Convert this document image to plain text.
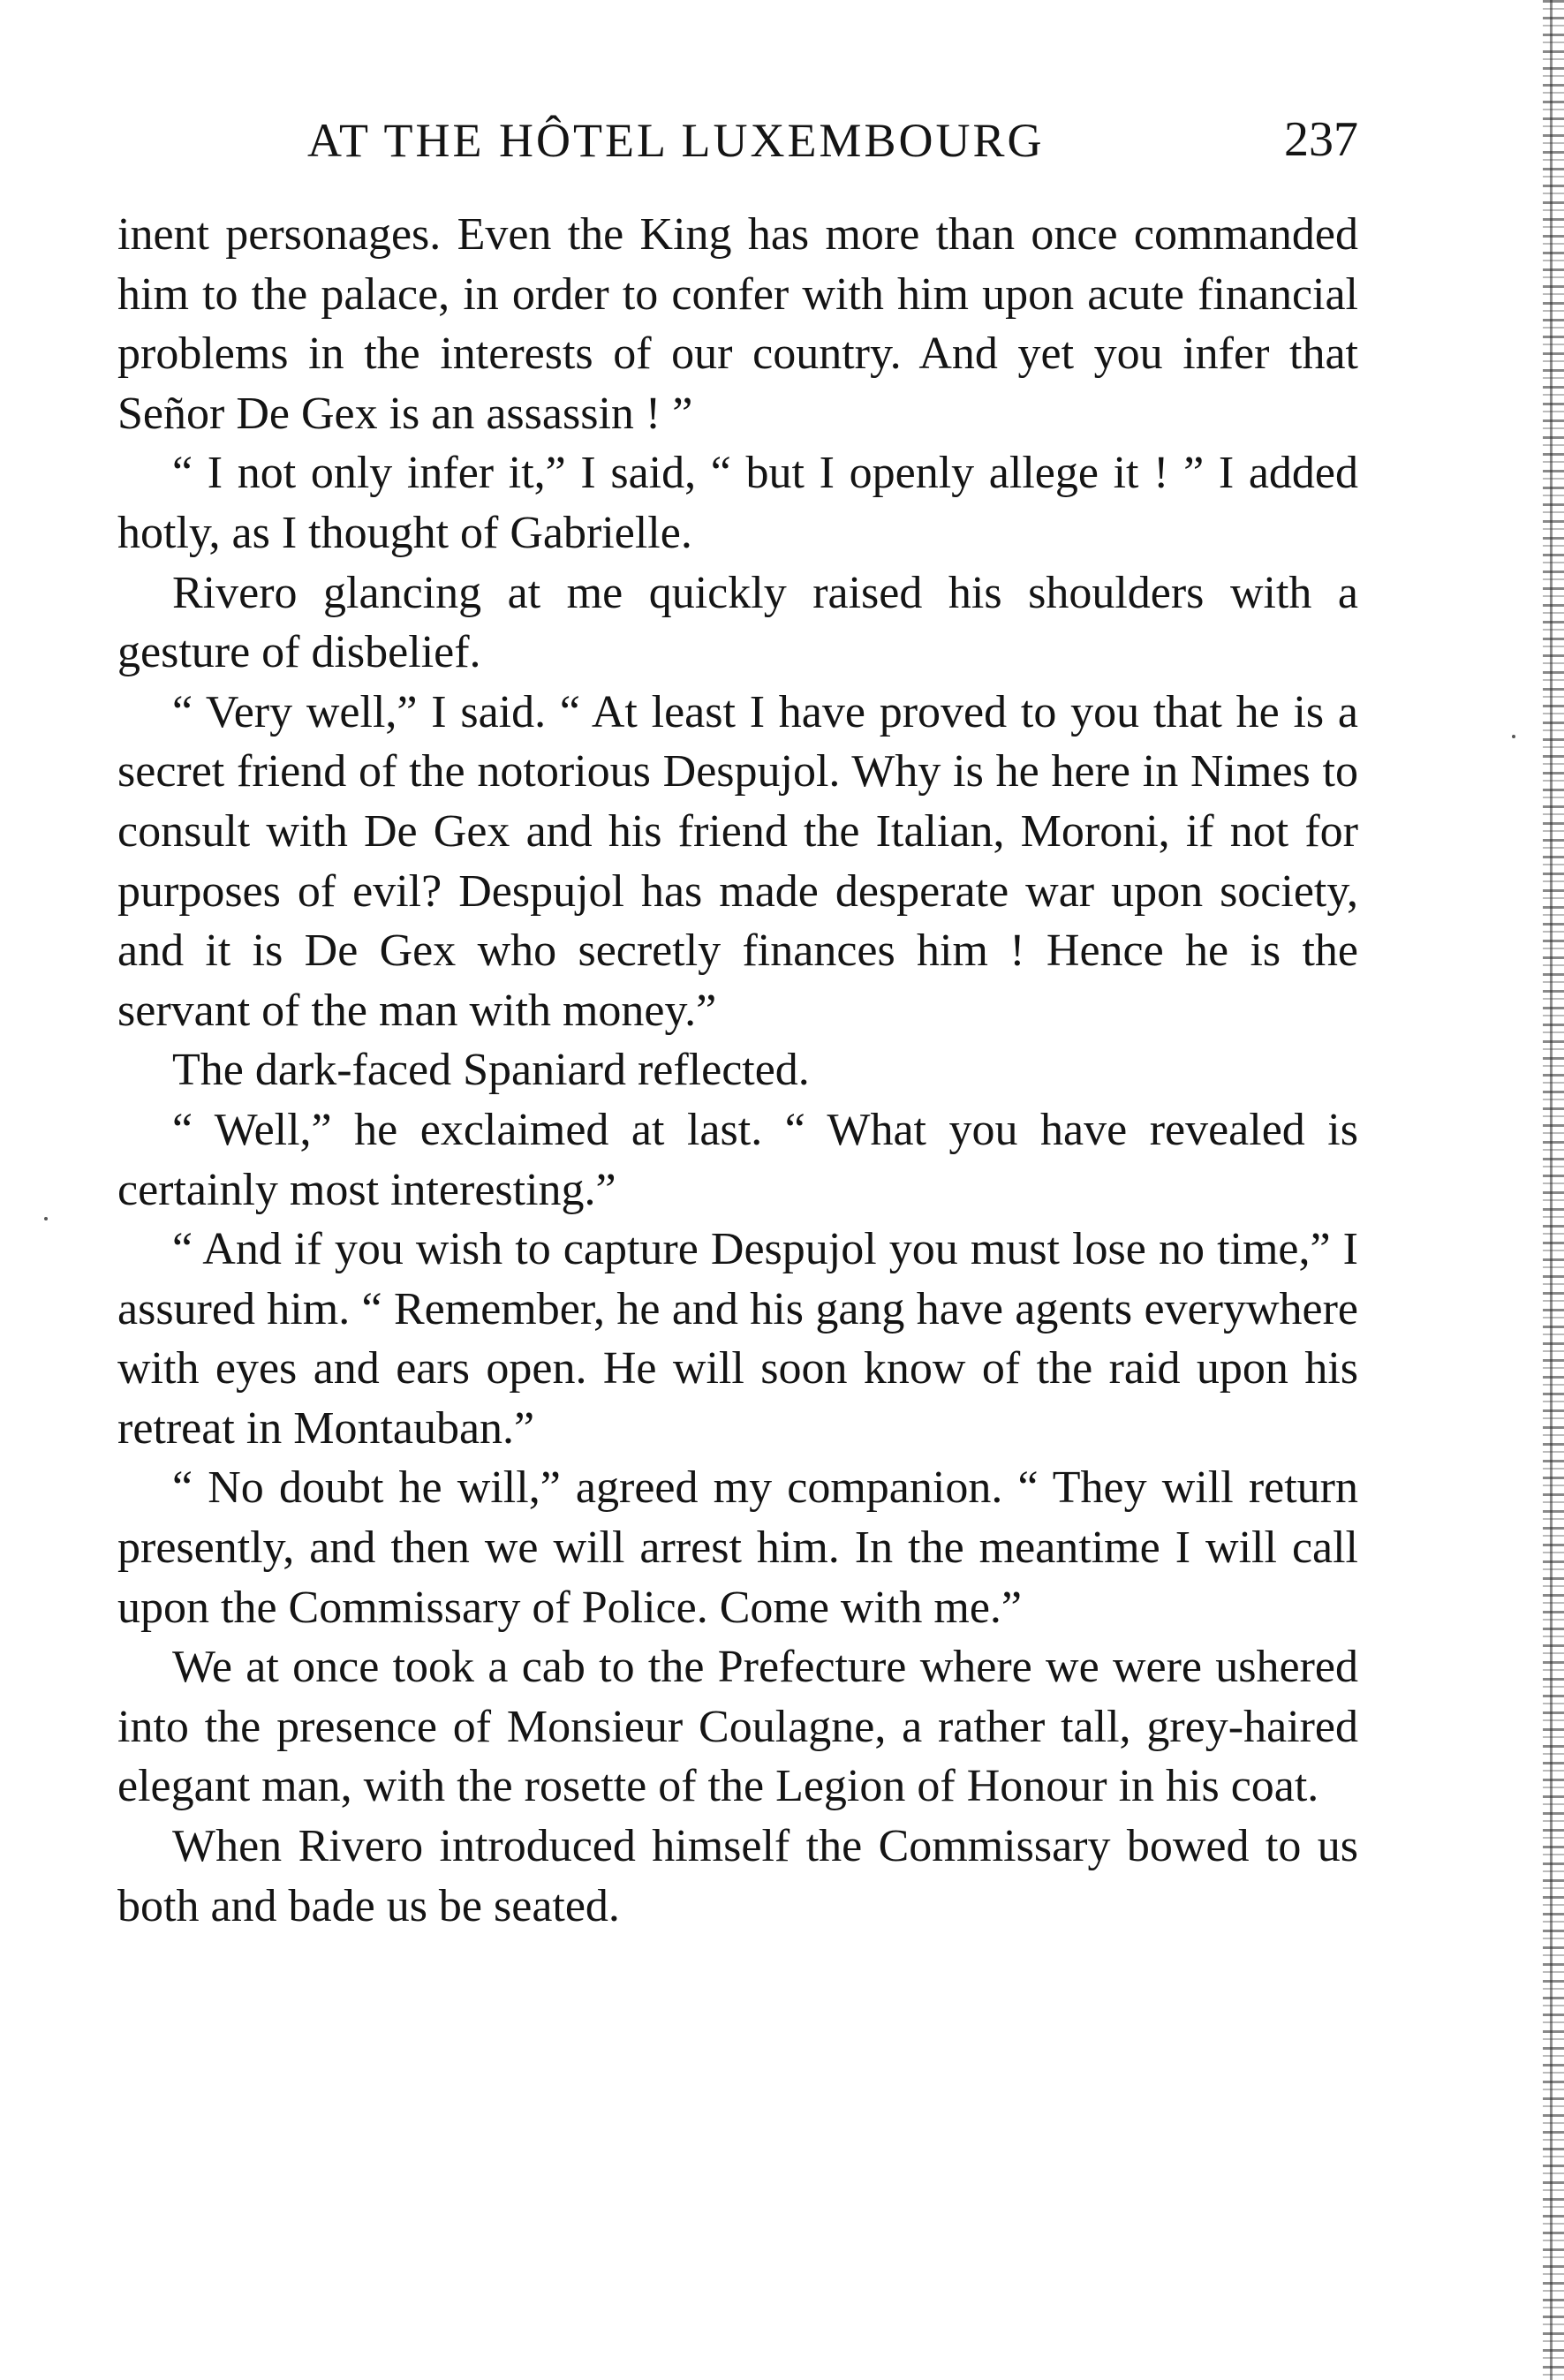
AT THE HÔTEL LUXEMBOURG	237

inent personages. Even the King has more than once commanded him to the palace, in order to confer with him upon acute financial problems in the interests of our country. And yet you infer that Señor De Gex is an assassin ! ”

“ I not only infer it,” I said, “ but I openly allege it ! ” I added hotly, as I thought of Gabrielle.

Rivero glancing at me quickly raised his shoulders with a gesture of disbelief.

“ Very well,” I said. “ At least I have proved to you that he is a secret friend of the notorious Despujol. Why is he here in Nimes to consult with De Gex and his friend the Italian, Moroni, if not for purposes of evil? Despujol has made desperate war upon society, and it is De Gex who secretly finances him ! Hence he is the servant of the man with money.”

The dark-faced Spaniard reflected.

“ Well,” he exclaimed at last. “ What you have revealed is certainly most interesting.”

“ And if you wish to capture Despujol you must lose no time,” I assured him. “ Remember, he and his gang have agents everywhere with eyes and ears open. He will soon know of the raid upon his retreat in Montauban.”

“ No doubt he will,” agreed my companion. “ They will return presently, and then we will arrest him. In the meantime I will call upon the Commissary of Police. Come with me.”

We at once took a cab to the Prefecture where we were ushered into the presence of Monsieur Coulagne, a rather tall, grey-haired elegant man, with the rosette of the Legion of Honour in his coat.

When Rivero introduced himself the Commissary bowed to us both and bade us be seated.
